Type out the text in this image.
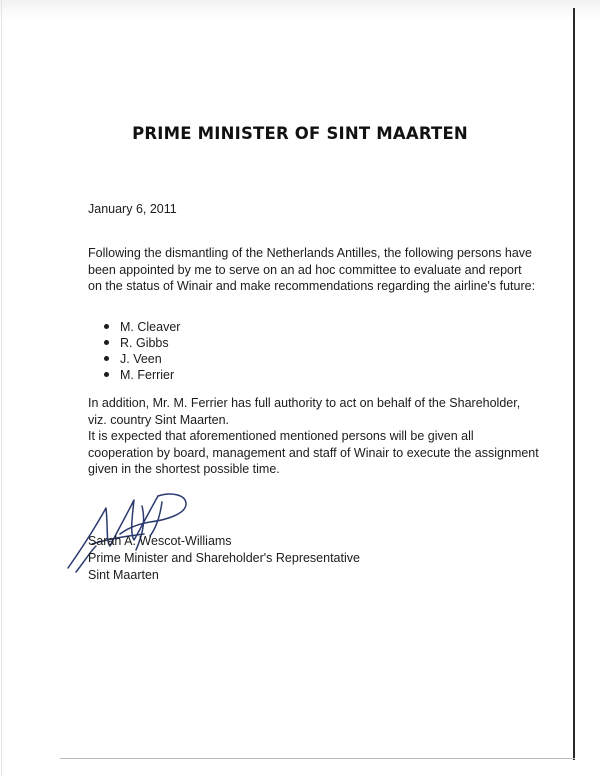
PRIME MINISTER OF SINT MAARTEN

January 6, 2011

Following the dismantling of the Netherlands Antilles, the following persons have
been appointed by me to serve on an ad hoc committee to evaluate and report
on the status of Winair and make recommendations regarding the airline's future:
M. Cleaver
R. Gibbs
J. Veen
M. Ferrier
In addition, Mr. M. Ferrier has full authority to act on behalf of the Shareholder,
viz. country Sint Maarten.
It is expected that aforementioned mentioned persons will be given all
cooperation by board, management and staff of Winair to execute the assignment
given in the shortest possible time.
Sarah A. Wescot-Williams
Prime Minister and Shareholder's Representative
Sint Maarten
